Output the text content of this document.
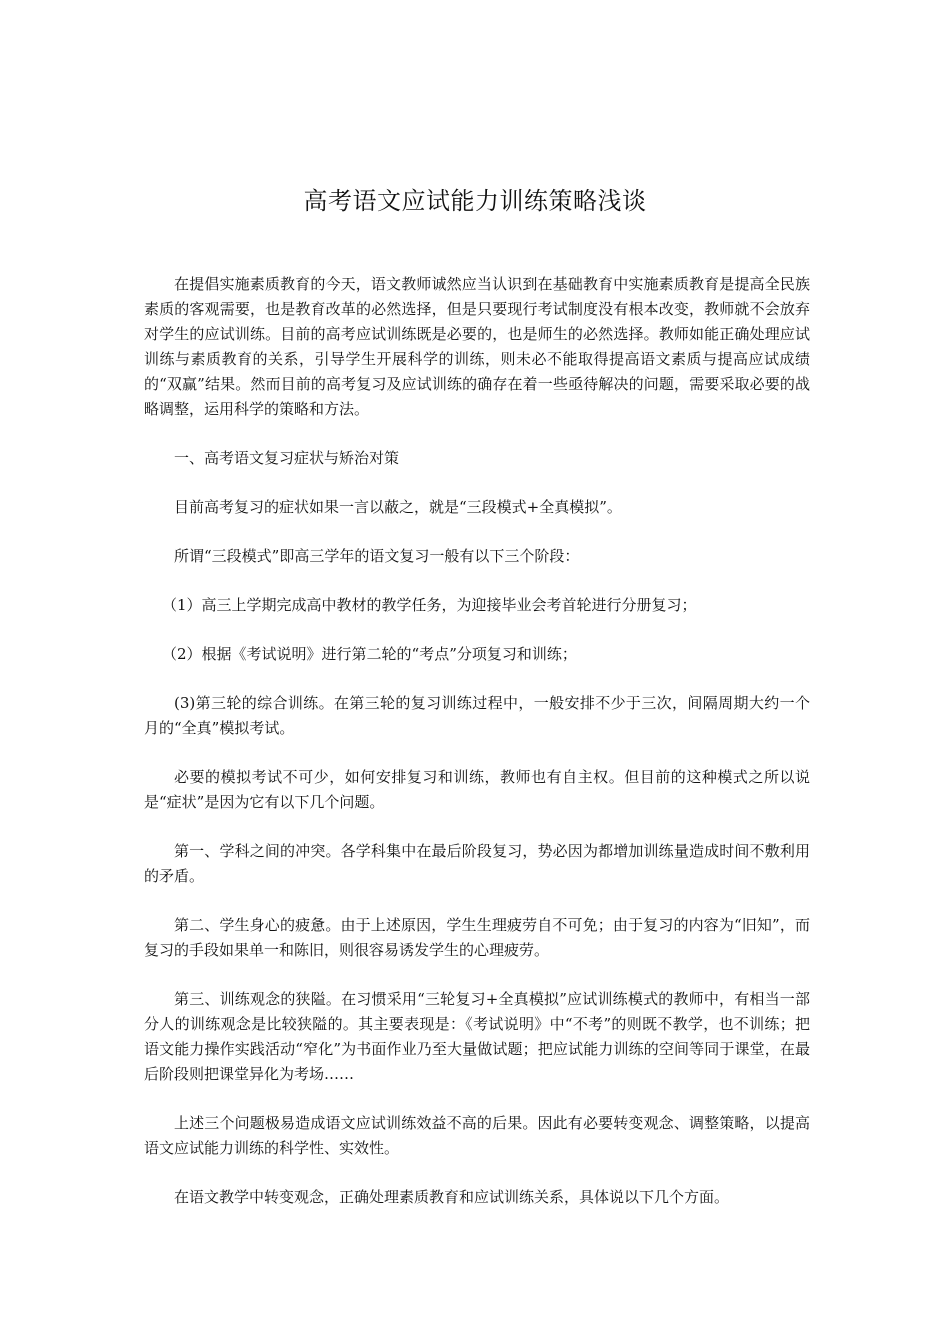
高考语文应试能力训练策略浅谈

在提倡实施素质教育的今天，语文教师诚然应当认识到在基础教育中实施素质教育是提高全民族素质的客观需要，也是教育改革的必然选择，但是只要现行考试制度没有根本改变，教师就不会放弃对学生的应试训练。目前的高考应试训练既是必要的，也是师生的必然选择。教师如能正确处理应试训练与素质教育的关系，引导学生开展科学的训练，则未必不能取得提高语文素质与提高应试成绩的“双赢”结果。然而目前的高考复习及应试训练的确存在着一些亟待解决的问题，需要采取必要的战略调整，运用科学的策略和方法。

一、高考语文复习症状与矫治对策

目前高考复习的症状如果一言以蔽之，就是“三段模式+全真模拟”。

所谓“三段模式”即高三学年的语文复习一般有以下三个阶段：

（1）高三上学期完成高中教材的教学任务，为迎接毕业会考首轮进行分册复习；

（2）根据《考试说明》进行第二轮的“考点”分项复习和训练；

(3)第三轮的综合训练。在第三轮的复习训练过程中，一般安排不少于三次，间隔周期大约一个月的“全真”模拟考试。

必要的模拟考试不可少，如何安排复习和训练，教师也有自主权。但目前的这种模式之所以说是“症状”是因为它有以下几个问题。

第一、学科之间的冲突。各学科集中在最后阶段复习，势必因为都增加训练量造成时间不敷利用的矛盾。

第二、学生身心的疲惫。由于上述原因，学生生理疲劳自不可免；由于复习的内容为“旧知”，而复习的手段如果单一和陈旧，则很容易诱发学生的心理疲劳。

第三、训练观念的狭隘。在习惯采用“三轮复习+全真模拟”应试训练模式的教师中，有相当一部分人的训练观念是比较狭隘的。其主要表现是：《考试说明》中“不考”的则既不教学，也不训练；把语文能力操作实践活动“窄化”为书面作业乃至大量做试题；把应试能力训练的空间等同于课堂，在最后阶段则把课堂异化为考场……

上述三个问题极易造成语文应试训练效益不高的后果。因此有必要转变观念、调整策略，以提高语文应试能力训练的科学性、实效性。

在语文教学中转变观念，正确处理素质教育和应试训练关系，具体说以下几个方面。
